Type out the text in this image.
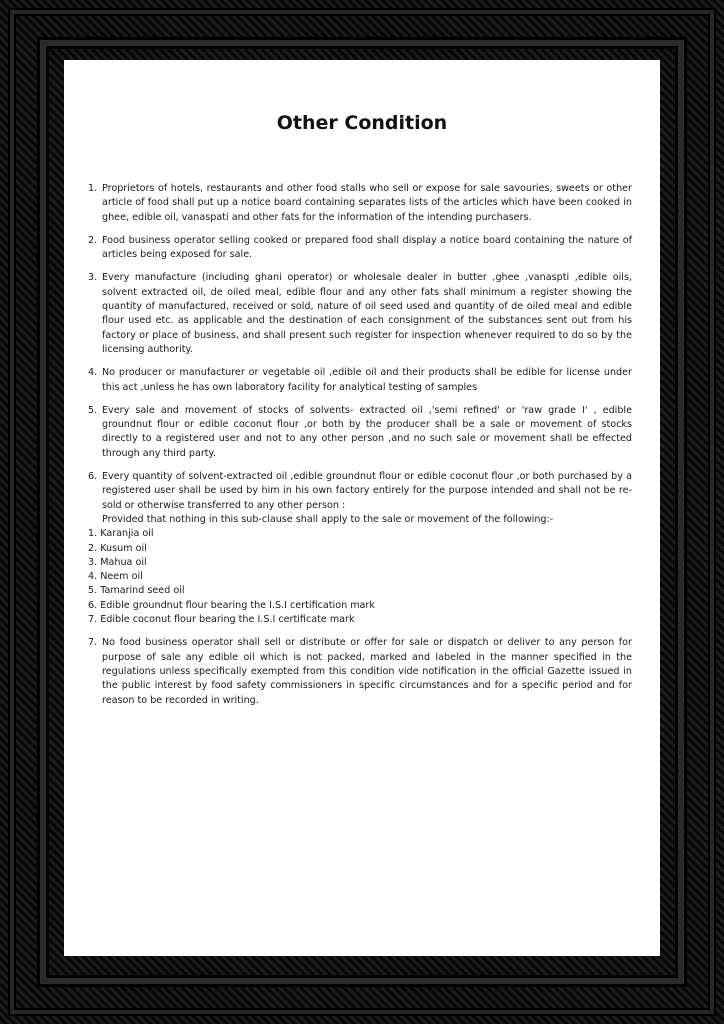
Other Condition
1. Proprietors of hotels, restaurants and other food stalls who sell or expose for sale savouries, sweets or other article of food shall put up a notice board containing separates lists of the articles which have been cooked in ghee, edible oil, vanaspati and other fats for the information of the intending purchasers.
2. Food business operator selling cooked or prepared food shall display a notice board containing the nature of articles being exposed for sale.
3. Every manufacture (including ghani operator) or wholesale dealer in butter ,ghee ,vanaspti ,edible oils, solvent extracted oil, de oiled meal, edible flour and any other fats shall minimum a register showing the quantity of manufactured, received or sold, nature of oil seed used and quantity of de oiled meal and edible flour used etc. as applicable and the destination of each consignment of the substances sent out from his factory or place of business, and shall present such register for inspection whenever required to do so by the licensing authority.
4. No producer or manufacturer or vegetable oil ,edible oil and their products shall be edible for license under this act ,unless he has own laboratory facility for analytical testing of samples
5. Every sale and movement of stocks of solvents- extracted oil ,'semi refined' or 'raw grade I' , edible groundnut flour or edible coconut flour ,or both by the producer shall be a sale or movement of stocks directly to a registered user and not to any other person ,and no such sale or movement shall be effected through any third party.
6. Every quantity of solvent-extracted oil ,edible groundnut flour or edible coconut flour ,or both purchased by a registered user shall be used by him in his own factory entirely for the purpose intended and shall not be re-sold or otherwise transferred to any other person :
Provided that nothing in this sub-clause shall apply to the sale or movement of the following:-
1. Karanjia oil
2. Kusum oil
3. Mahua oil
4. Neem oil
5. Tamarind seed oil
6. Edible groundnut flour bearing the I.S.I certification mark
7. Edible coconut flour bearing the I.S.I certificate mark
7. No food business operator shall sell or distribute or offer for sale or dispatch or deliver to any person for purpose of sale any edible oil which is not packed, marked and labeled in the manner specified in the regulations unless specifically exempted from this condition vide notification in the official Gazette issued in the public interest by food safety commissioners in specific circumstances and for a specific period and for reason to be recorded in writing.
